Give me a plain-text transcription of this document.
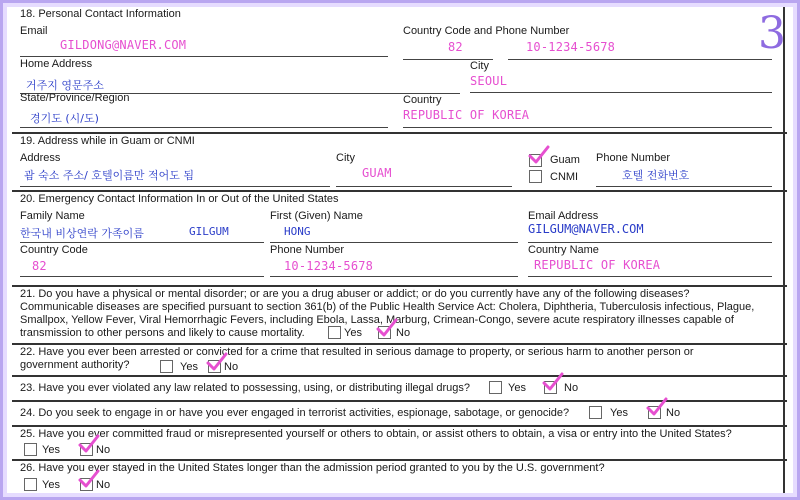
18. Personal Contact Information
Email
GILDONG@NAVER.COM
Country Code and Phone Number
82	10-1234-5678
Home Address
거주지 영문주소
City
SEOUL
State/Province/Region
경기도 (시/도)
Country
REPUBLIC OF KOREA
19. Address while in Guam or CNMI
Address
괌 숙소 주소/ 호텔이름만 적어도 됨
City
GUAM
Guam
CNMI
Phone Number
호텔 전화번호
20. Emergency Contact Information In or Out of the United States
Family Name
한국내 비상연락 가족이름	GILGUM
First (Given) Name
HONG
Email Address
GILGUM@NAVER.COM
Country Code
82
Phone Number
10-1234-5678
Country Name
REPUBLIC OF KOREA
21. Do you have a physical or mental disorder; or are you a drug abuser or addict; or do you currently have any of the following diseases?
Communicable diseases are specified pursuant to section 361(b) of the Public Health Service Act: Cholera, Diphtheria, Tuberculosis infectious, Plague,
Smallpox, Yellow Fever, Viral Hemorrhagic Fevers, including Ebola, Lassa, Marburg, Crimean-Congo, severe acute respiratory illnesses capable of
transmission to other persons and likely to cause mortality.	Yes	No
22. Have you ever been arrested or convicted for a crime that resulted in serious damage to property, or serious harm to another person or
government authority?	Yes No
23. Have you ever violated any law related to possessing, using, or distributing illegal drugs?	Yes	No
24. Do you seek to engage in or have you ever engaged in terrorist activities, espionage, sabotage, or genocide?	Yes	No
25. Have you ever committed fraud or misrepresented yourself or others to obtain, or assist others to obtain, a visa or entry into the United States?
Yes	No
26. Have you ever stayed in the United States longer than the admission period granted to you by the U.S. government?
Yes	No
3
